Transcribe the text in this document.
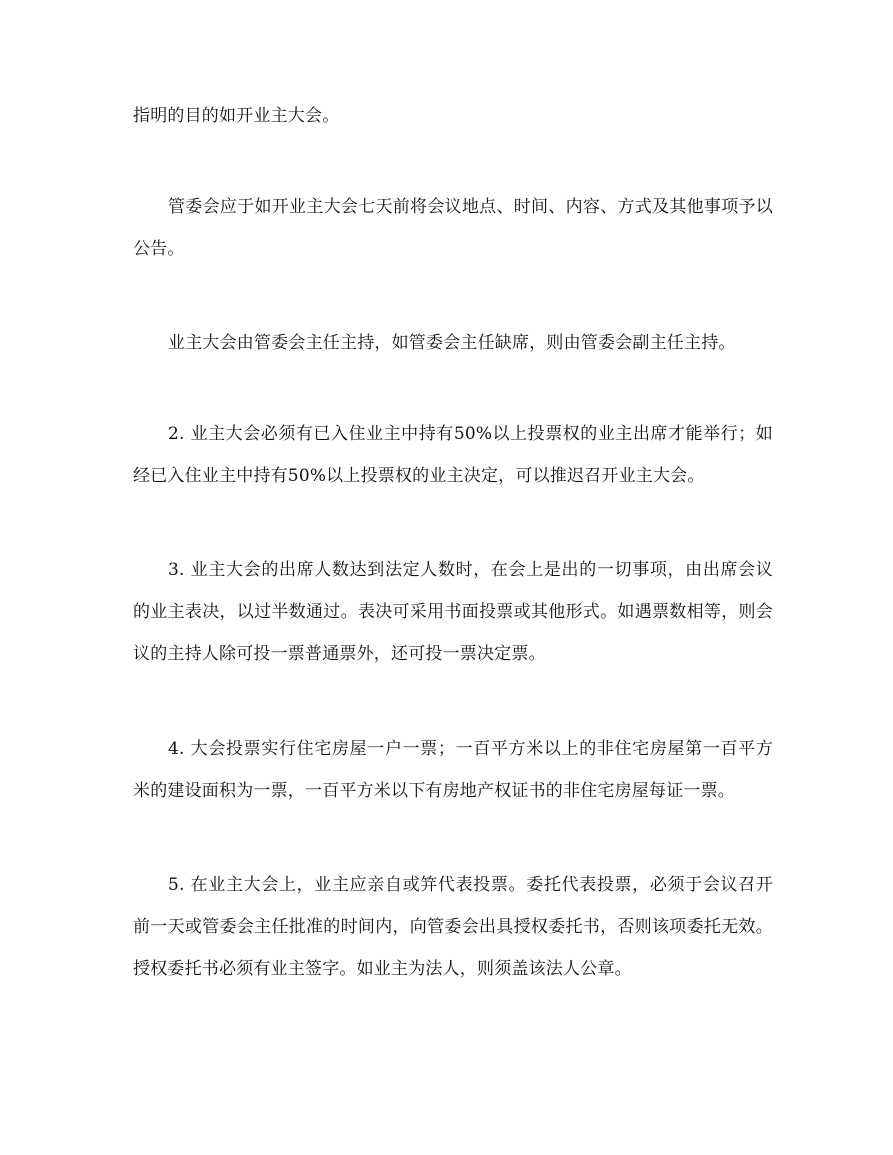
指明的目的如开业主大会。

管委会应于如开业主大会七天前将会议地点、时间、内容、方式及其他事项予以公告。

业主大会由管委会主任主持，如管委会主任缺席，则由管委会副主任主持。

2. 业主大会必须有已入住业主中持有50%以上投票权的业主出席才能举行；如经已入住业主中持有50%以上投票权的业主决定，可以推迟召开业主大会。

3. 业主大会的出席人数达到法定人数时，在会上是出的一切事项，由出席会议的业主表决，以过半数通过。表决可采用书面投票或其他形式。如遇票数相等，则会议的主持人除可投一票普通票外，还可投一票决定票。

4. 大会投票实行住宅房屋一户一票；一百平方米以上的非住宅房屋第一百平方米的建设面积为一票，一百平方米以下有房地产权证书的非住宅房屋每证一票。

5. 在业主大会上，业主应亲自或笄代表投票。委托代表投票，必须于会议召开前一天或管委会主任批准的时间内，向管委会出具授权委托书，否则该项委托无效。授权委托书必须有业主签字。如业主为法人，则须盖该法人公章。
